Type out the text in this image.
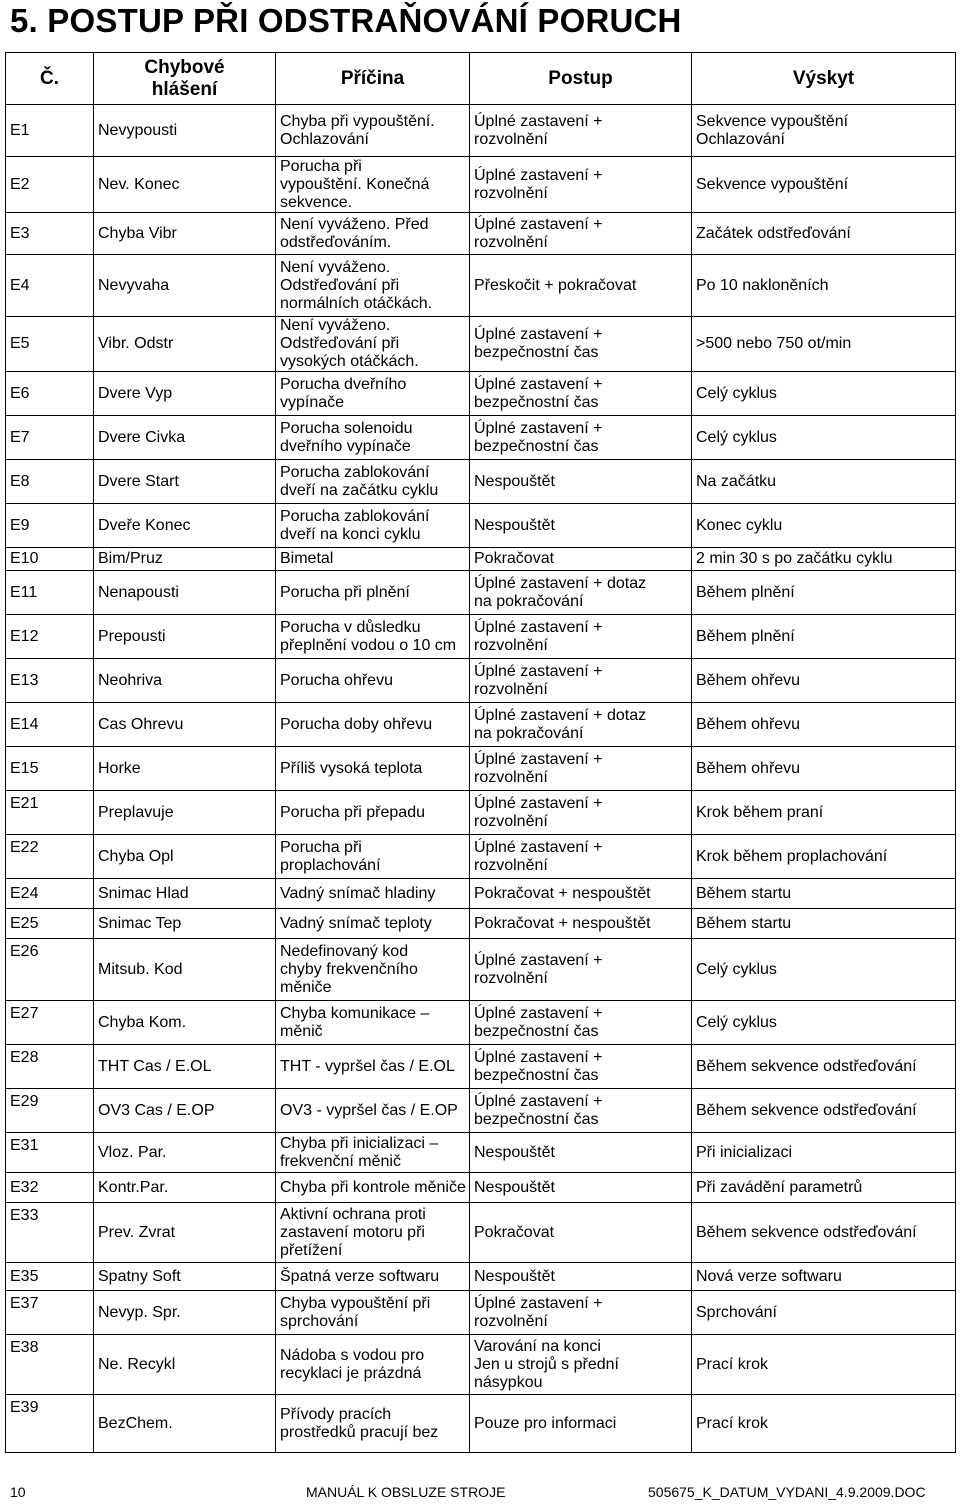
5. POSTUP PŘI ODSTRAŇOVÁNÍ PORUCH
Č.	Chybové
hlášení	Příčina	Postup	Výskyt
E1	Nevypousti	Chyba při vypouštění.
Ochlazování	Úplné zastavení +
rozvolnění	Sekvence vypouštění
Ochlazování
E2	Nev. Konec	Porucha při
vypouštění. Konečná
sekvence.	Úplné zastavení +
rozvolnění	Sekvence vypouštění
E3	Chyba Vibr	Není vyváženo. Před
odstřeďováním.	Úplné zastavení +
rozvolnění	Začátek odstřeďování
E4	Nevyvaha	Není vyváženo.
Odstřeďování při
normálních otáčkách.	Přeskočit + pokračovat	Po 10 nakloněních
E5	Vibr. Odstr	Není vyváženo.
Odstřeďování při
vysokých otáčkách.	Úplné zastavení +
bezpečnostní čas	>500 nebo 750 ot/min
E6	Dvere Vyp	Porucha dveřního
vypínače	Úplné zastavení +
bezpečnostní čas	Celý cyklus
E7	Dvere Civka	Porucha solenoidu
dveřního vypínače	Úplné zastavení +
bezpečnostní čas	Celý cyklus
E8	Dvere Start	Porucha zablokování
dveří na začátku cyklu	Nespouštět	Na začátku
E9	Dveře Konec	Porucha zablokování
dveří na konci cyklu	Nespouštět	Konec cyklu
E10	Bim/Pruz	Bimetal	Pokračovat	2 min 30 s po začátku cyklu
E11	Nenapousti	Porucha při plnění	Úplné zastavení + dotaz
na pokračování	Během plnění
E12	Prepousti	Porucha v důsledku
přeplnění vodou o 10 cm	Úplné zastavení +
rozvolnění	Během plnění
E13	Neohriva	Porucha ohřevu	Úplné zastavení +
rozvolnění	Během ohřevu
E14	Cas Ohrevu	Porucha doby ohřevu	Úplné zastavení + dotaz
na pokračování	Během ohřevu
E15	Horke	Příliš vysoká teplota	Úplné zastavení +
rozvolnění	Během ohřevu
E21	Preplavuje	Porucha při přepadu	Úplné zastavení +
rozvolnění	Krok během praní
E22	Chyba Opl	Porucha při
proplachování	Úplné zastavení +
rozvolnění	Krok během proplachování
E24	Snimac Hlad	Vadný snímač hladiny	Pokračovat + nespouštět	Během startu
E25	Snimac Tep	Vadný snímač teploty	Pokračovat + nespouštět	Během startu
E26	Mitsub. Kod	Nedefinovaný kod
chyby frekvenčního
měniče	Úplné zastavení +
rozvolnění	Celý cyklus
E27	Chyba Kom.	Chyba komunikace –
měnič	Úplné zastavení +
bezpečnostní čas	Celý cyklus
E28	THT Cas / E.OL	THT - vypršel čas / E.OL	Úplné zastavení +
bezpečnostní čas	Během sekvence odstřeďování
E29	OV3 Cas / E.OP	OV3 - vypršel čas / E.OP	Úplné zastavení +
bezpečnostní čas	Během sekvence odstřeďování
E31	Vloz. Par.	Chyba při inicializaci –
frekvenční měnič	Nespouštět	Při inicializaci
E32	Kontr.Par.	Chyba při kontrole měniče	Nespouštět	Při zavádění parametrů
E33	Prev. Zvrat	Aktivní ochrana proti
zastavení motoru při
přetížení	Pokračovat	Během sekvence odstřeďování
E35	Spatny Soft	Špatná verze softwaru	Nespouštět	Nová verze softwaru
E37	Nevyp. Spr.	Chyba vypouštění při
sprchování	Úplné zastavení +
rozvolnění	Sprchování
E38	Ne. Recykl	Nádoba s vodou pro
recyklaci je prázdná	Varování na konci
Jen u strojů s přední
násypkou	Prací krok
E39	BezChem.	Přívody pracích
prostředků pracují bez	Pouze pro informaci	Prací krok
10	MANUÁL K OBSLUZE STROJE	505675_K_DATUM_VYDANI_4.9.2009.DOC
